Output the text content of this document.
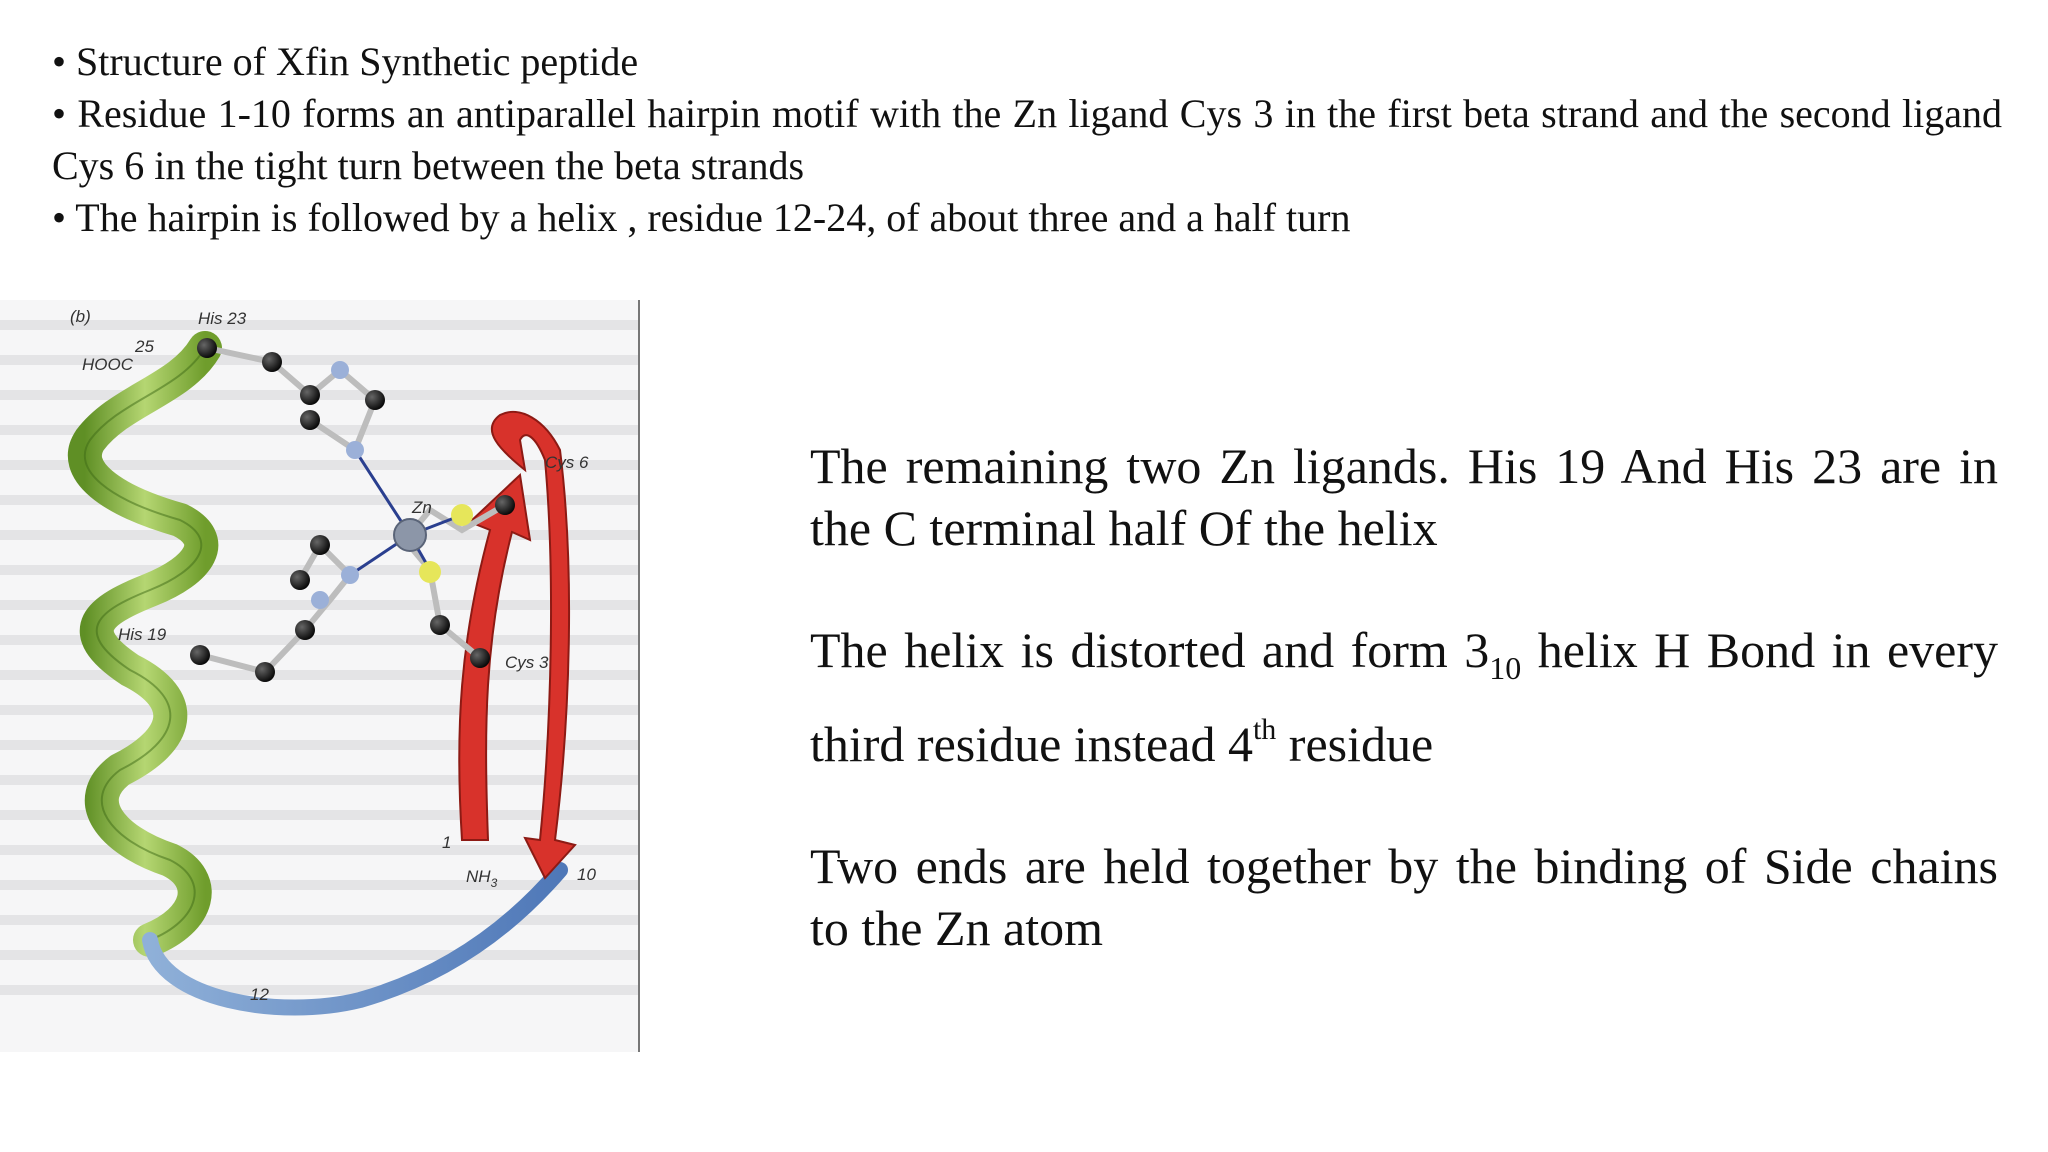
• Structure of Xfin Synthetic peptide
• Residue 1-10 forms an antiparallel hairpin motif with the Zn ligand Cys 3 in the first beta strand and the second ligand Cys 6 in the tight turn between the beta strands
• The hairpin is followed by a helix , residue 12-24, of about three and a half turn
(b)	His 23
25
HOOC
Zn
Cys 6
His 19
Cys 3
1
$NH_3$	10
12
The remaining two Zn ligands. His 19 And His 23 are in the C terminal half Of the helix
The helix is distorted and form $3_{10}$ helix H Bond in every third residue instead 4th residue
Two ends are held together by the binding of Side chains to the Zn atom
